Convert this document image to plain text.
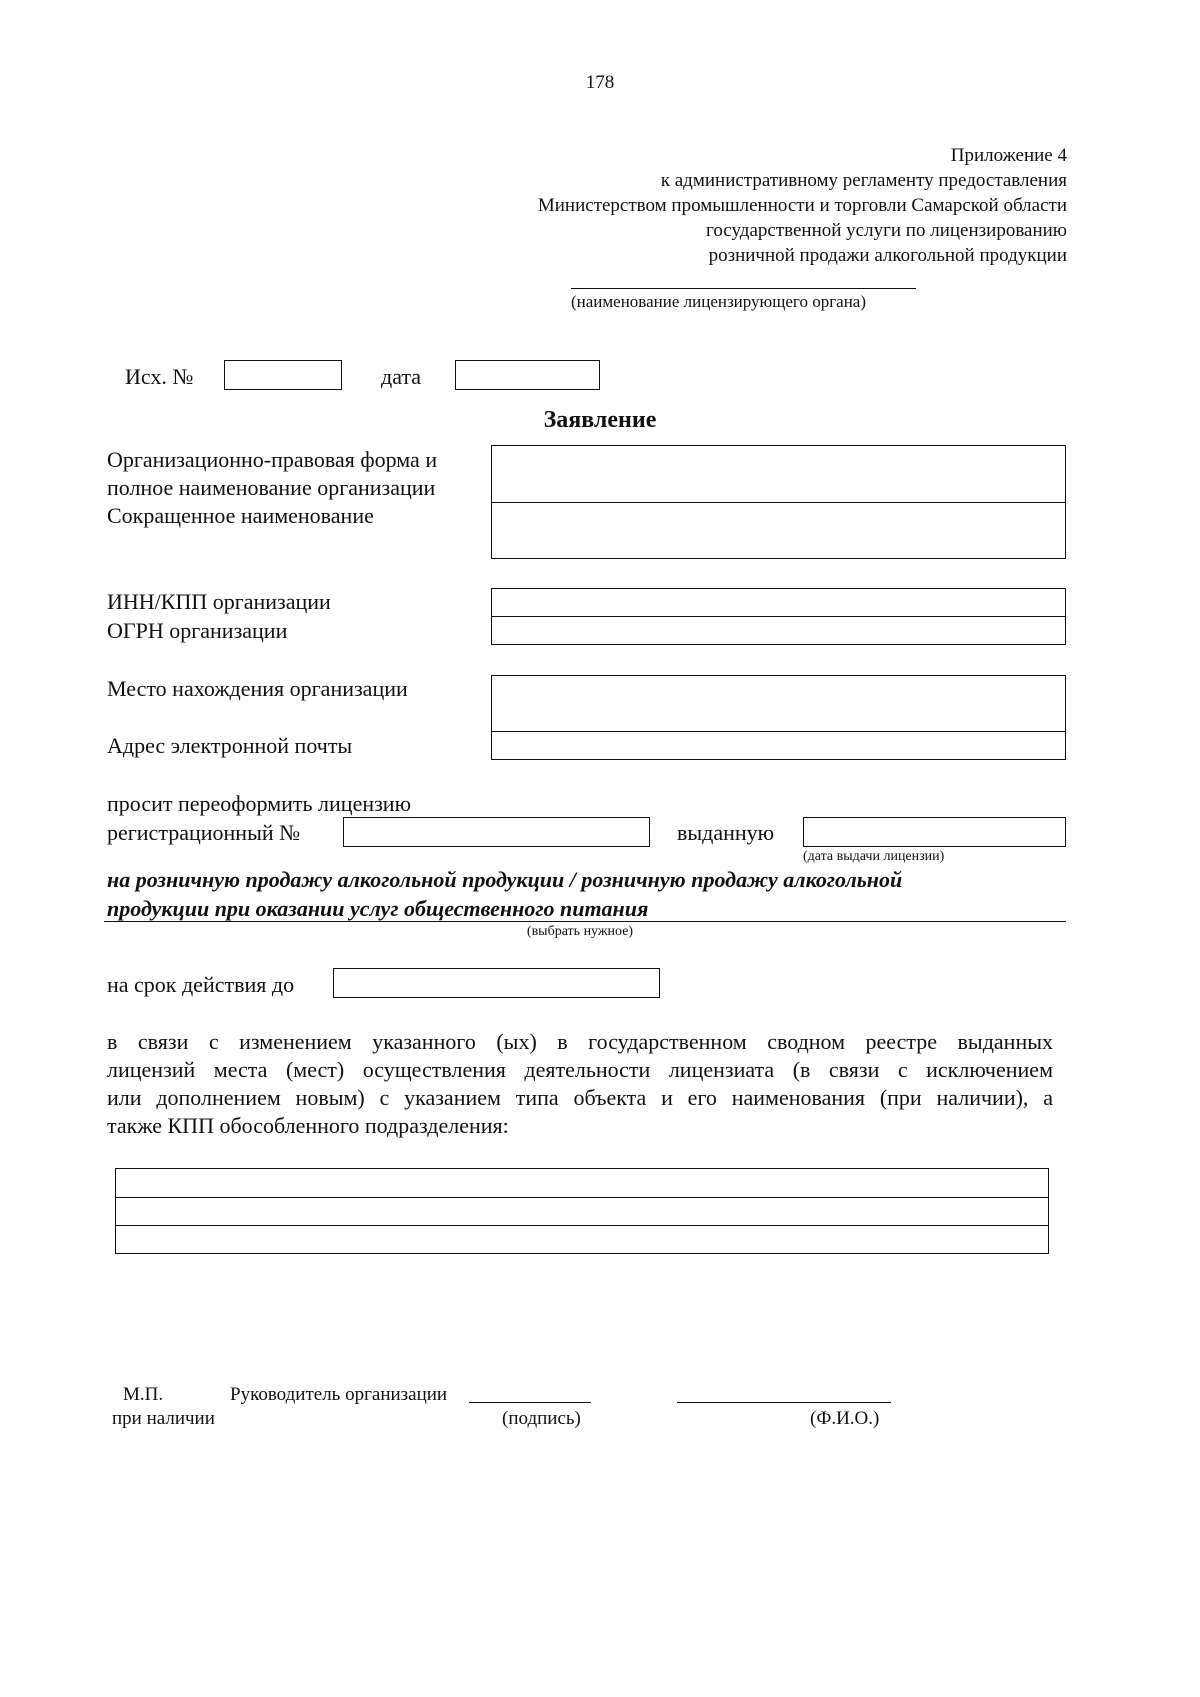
178
Приложение 4
к административному регламенту предоставления
Министерством промышленности и торговли Самарской области
государственной услуги по лицензированию
розничной продажи алкогольной продукции
(наименование лицензирующего органа)
Исх. №	дата
Заявление
Организационно-правовая форма и
полное наименование организации
Сокращенное наименование
ИНН/КПП организации
ОГРН организации
Место нахождения организации
Адрес электронной почты
просит переоформить лицензию
регистрационный №	выданную
(дата выдачи лицензии)
на розничную продажу алкогольной продукции / розничную продажу алкогольной
продукции при оказании услуг общественного питания
(выбрать нужное)
на срок действия до
в связи с изменением указанного (ых) в государственном сводном реестре выданных
лицензий места (мест) осуществления деятельности лицензиата (в связи с исключением
или дополнением новым) с указанием типа объекта и его наименования (при наличии), а
также КПП обособленного подразделения:
М.П.	Руководитель организации
при наличии	(подпись)	(Ф.И.О.)
